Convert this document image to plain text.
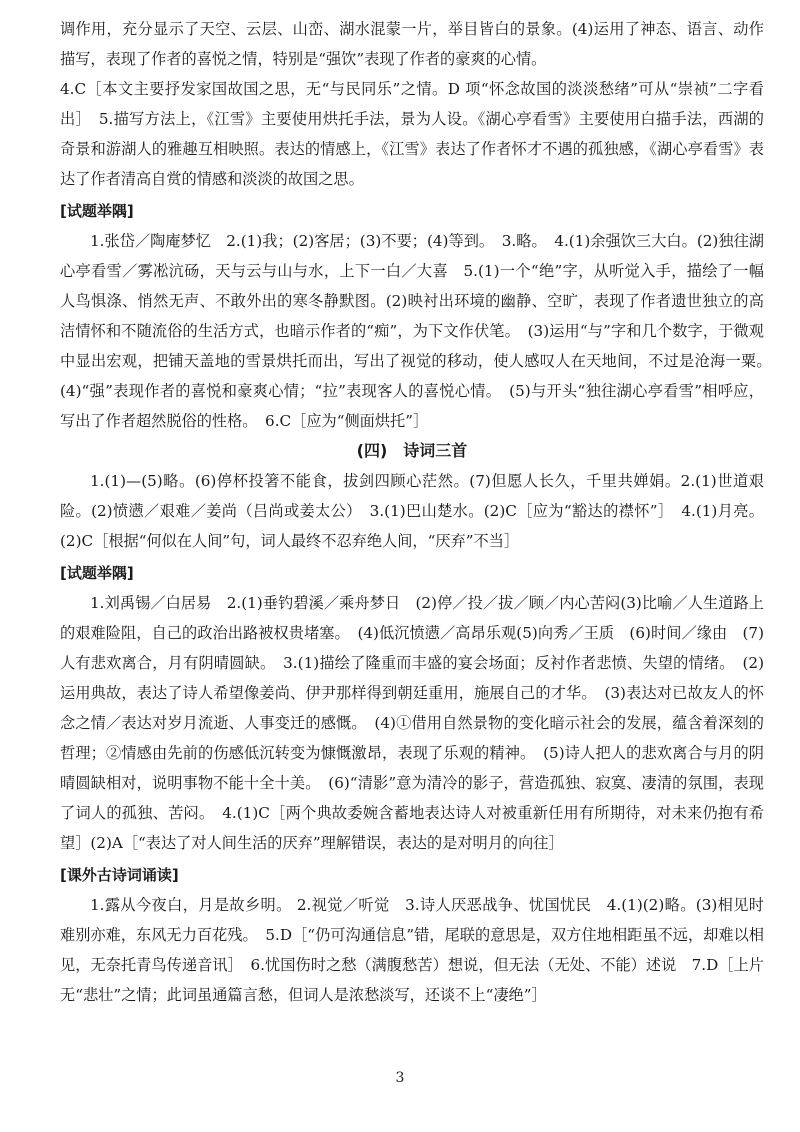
调作用，充分显示了天空、云层、山峦、湖水混蒙一片，举目皆白的景象。(4)运用了神态、语言、动作描写，表现了作者的喜悦之情，特别是“强饮”表现了作者的豪爽的心情。

4.C［本文主要抒发家国故国之思，无“与民同乐”之情。D 项“怀念故国的淡淡愁绪”可从“崇祯”二字看出］　5.描写方法上，《江雪》主要使用烘托手法，景为人设。《湖心亭看雪》主要使用白描手法，西湖的奇景和游湖人的雅趣互相映照。表达的情感上，《江雪》表达了作者怀才不遇的孤独感，《湖心亭看雪》表达了作者清高自赏的情感和淡淡的故国之思。

[试题举隅]

1.张岱／陶庵梦忆　2.(1)我；(2)客居；(3)不要；(4)等到。　3.略。　4.(1)余强饮三大白。(2)独往湖心亭看雪／雾凇沆砀，天与云与山与水，上下一白／大喜　5.(1)一个“绝”字，从听觉入手，描绘了一幅人鸟惧涤、悄然无声、不敢外出的寒冬静默图。(2)映衬出环境的幽静、空旷，表现了作者遗世独立的高洁情怀和不随流俗的生活方式，也暗示作者的“痴”，为下文作伏笔。　(3)运用“与”字和几个数字，于微观中显出宏观，把铺天盖地的雪景烘托而出，写出了视觉的移动，使人感叹人在天地间，不过是沧海一粟。　(4)“强”表现作者的喜悦和豪爽心情；“拉”表现客人的喜悦心情。　(5)与开头“独往湖心亭看雪”相呼应，写出了作者超然脱俗的性格。　6.C［应为“侧面烘托”］

(四)　诗词三首

1.(1)—(5)略。(6)停杯投箸不能食，拔剑四顾心茫然。(7)但愿人长久，千里共婵娟。2.(1)世道艰险。(2)愤懑／艰难／姜尚（吕尚或姜太公）　3.(1)巴山楚水。(2)C［应为“豁达的襟怀”］　4.(1)月亮。(2)C［根据“何似在人间”句，词人最终不忍弃绝人间，“厌弃”不当］

[试题举隅]

1.刘禹锡／白居易　2.(1)垂钓碧溪／乘舟梦日　(2)停／投／拔／顾／内心苦闷(3)比喻／人生道路上的艰难险阻，自己的政治出路被权贵堵塞。　(4)低沉愤懑／高昂乐观(5)向秀／王质　(6)时间／缘由　(7)人有悲欢离合，月有阴晴圆缺。　3.(1)描绘了隆重而丰盛的宴会场面；反衬作者悲愤、失望的情绪。　(2)运用典故，表达了诗人希望像姜尚、伊尹那样得到朝廷重用，施展自己的才华。　(3)表达对已故友人的怀念之情／表达对岁月流逝、人事变迁的感慨。　(4)①借用自然景物的变化暗示社会的发展，蕴含着深刻的哲理；②情感由先前的伤感低沉转变为慷慨激昂，表现了乐观的精神。　(5)诗人把人的悲欢离合与月的阴晴圆缺相对，说明事物不能十全十美。　(6)“清影”意为清冷的影子，营造孤独、寂寞、凄清的氛围，表现了词人的孤独、苦闷。　4.(1)C［两个典故委婉含蓄地表达诗人对被重新任用有所期待，对未来仍抱有希望］(2)A［“表达了对人间生活的厌弃”理解错误，表达的是对明月的向往］

[课外古诗词诵读]

1.露从今夜白，月是故乡明。 2.视觉／听觉　3.诗人厌恶战争、忧国忧民　4.(1)(2)略。(3)相见时难别亦难，东风无力百花残。　5.D［“仍可沟通信息”错，尾联的意思是，双方住地相距虽不远，却难以相见，无奈托青鸟传递音讯］　6.忧国伤时之愁（满腹愁苦）想说，但无法（无处、不能）述说　7.D［上片无“悲壮”之情；此词虽通篇言愁，但词人是浓愁淡写，还谈不上“凄绝”］

3
